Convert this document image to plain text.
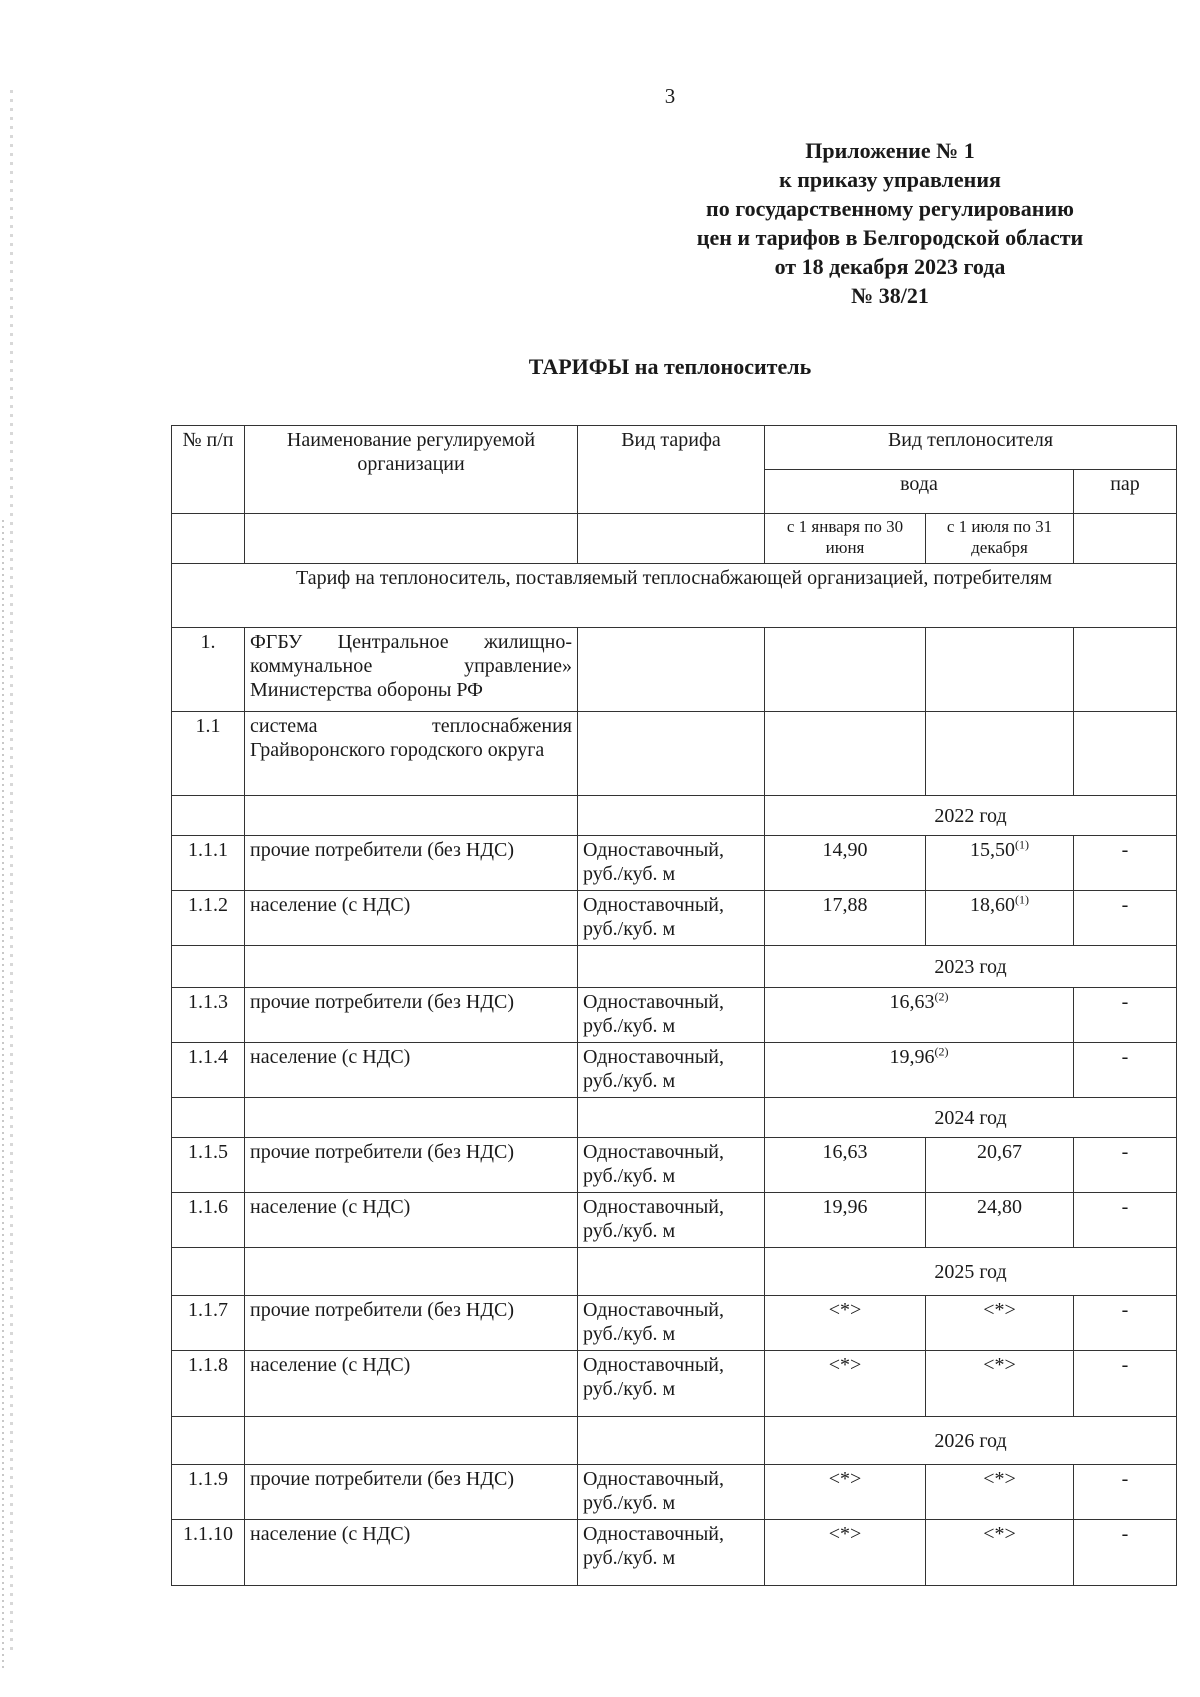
3
Приложение № 1
к приказу управления
по государственному регулированию
цен и тарифов в Белгородской области
от 18 декабря 2023 года
№ 38/21
ТАРИФЫ на теплоноситель
№ п/п	Наименование регулируемой организации	Вид тарифа	Вид теплоносителя		
			вода		пар
			с 1 января по 30 июня	с 1 июля по 31 декабря	
Тариф на теплоноситель, поставляемый теплоснабжающей организацией, потребителям					
1.	ФГБУ Центральное жилищно-коммунальное управление» Министерства обороны РФ				
1.1	система теплоснабжения Грайворонского городского округа				
			2022 год		
1.1.1	прочие потребители (без НДС)	Одноставочный, руб./куб. м	14,90	15,50$^{(1)}$	-
1.1.2	население (с НДС)	Одноставочный, руб./куб. м	17,88	18,60$^{(1)}$	-
			2023 год		
1.1.3	прочие потребители (без НДС)	Одноставочный, руб./куб. м	16,63$^{(2)}$		-
1.1.4	население (с НДС)	Одноставочный, руб./куб. м	19,96$^{(2)}$		-
			2024 год		
1.1.5	прочие потребители (без НДС)	Одноставочный, руб./куб. м	16,63	20,67	-
1.1.6	население (с НДС)	Одноставочный, руб./куб. м	19,96	24,80	-
			2025 год		
1.1.7	прочие потребители (без НДС)	Одноставочный, руб./куб. м	<*>	<*>	-
1.1.8	население (с НДС)	Одноставочный, руб./куб. м	<*>	<*>	-
			2026 год		
1.1.9	прочие потребители (без НДС)	Одноставочный, руб./куб. м	<*>	<*>	-
1.1.10	население (с НДС)	Одноставочный, руб./куб. м	<*>	<*>	-
